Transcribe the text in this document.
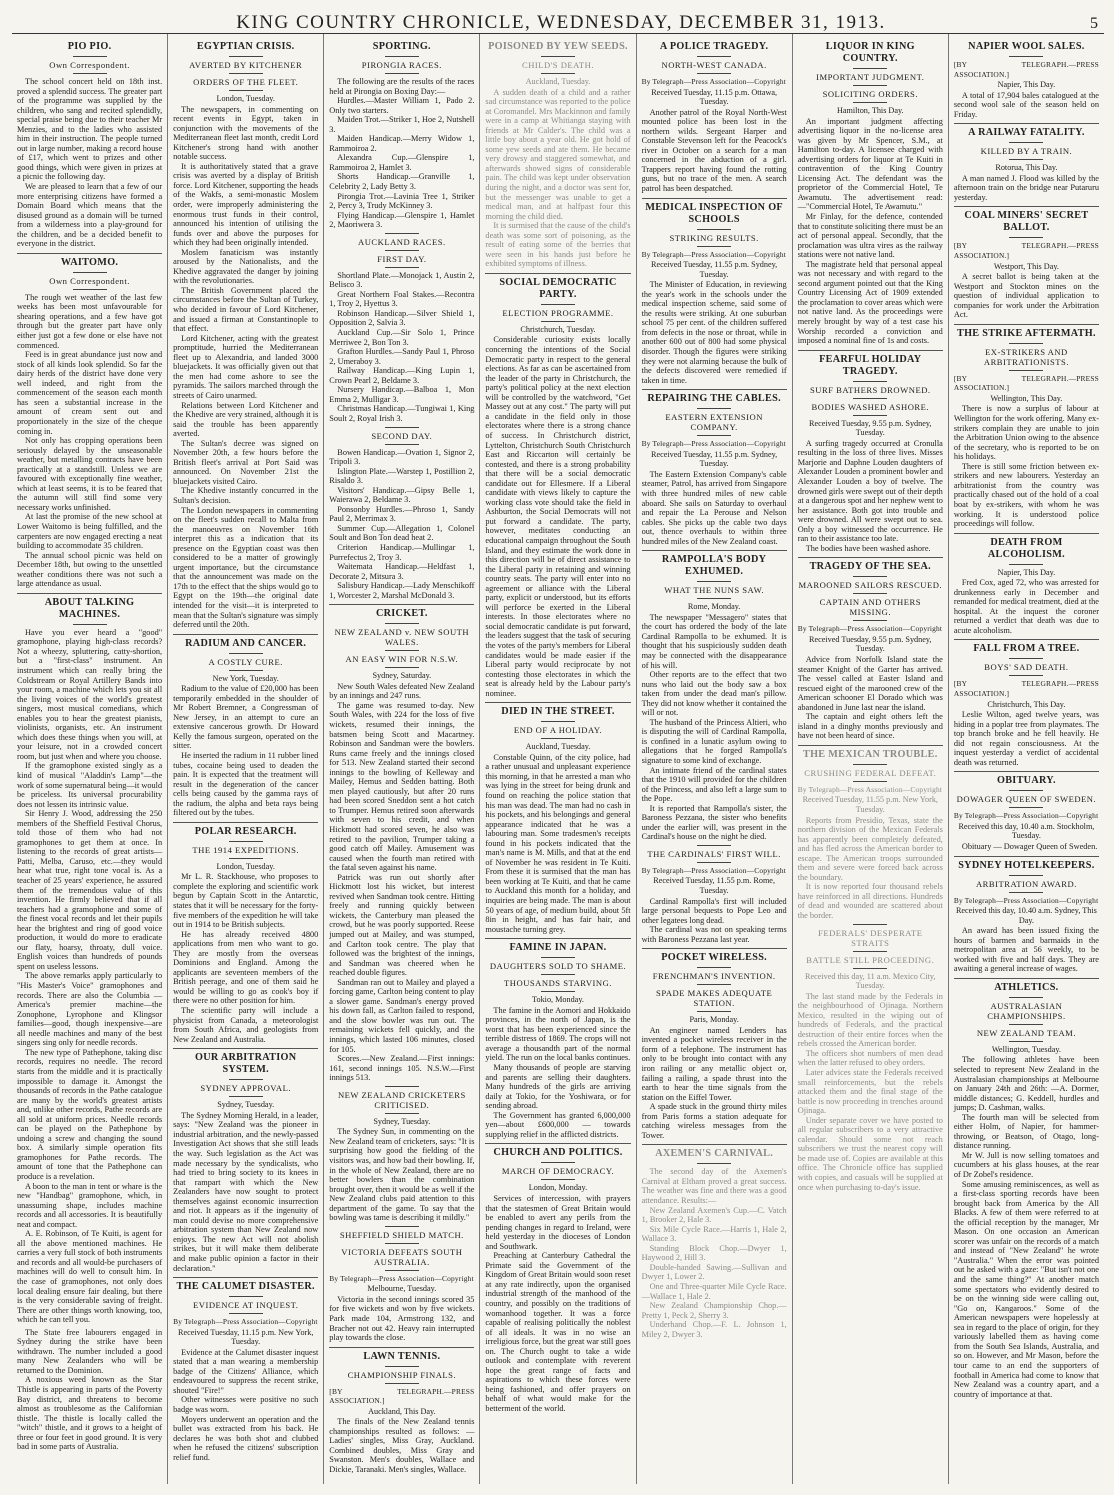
KING COUNTRY CHRONICLE, WEDNESDAY, DECEMBER 31, 1913.	5
PIO PIO.
Own Correspondent.

The school concert held on 18th inst. proved a splendid success. The greater part of the programme was supplied by the children, who sang and recited splendidly, special praise being due to their teacher Mr Menzies, and to the ladies who assisted him in their instruction. The people turned out in large number, making a record house of £17, which went to prizes and other good things, which were given in prizes at a picnic the following day.

We are pleased to learn that a few of our more enterprising citizens have formed a Domain Board which means that the disused ground as a domain will be turned from a wilderness into a play-ground for the children, and be a decided benefit to everyone in the district.

WAITOMO.
Own Correspondent.

The rough wet weather of the last few weeks has been most unfavourable for shearing operations, and a few have got through but the greater part have only either just got a few done or else have not commenced.

Feed is in great abundance just now and stock of all kinds look splendid. So far the dairy herds of the district have done very well indeed, and right from the commencement of the season each month has seen a substantial increase in the amount of cream sent out and proportionately in the size of the cheque coming in.

Not only has cropping operations been seriously delayed by the unseasonable weather, but metalling contracts have been practically at a standstill. Unless we are favoured with exceptionally fine weather, which at least seems, it is to be feared that the autumn will still find some very necessary works unfinished.

At last the promise of the new school at Lower Waitomo is being fulfilled, and the carpenters are now engaged erecting a neat building to accommodate 35 children.

The annual school picnic was held on December 18th, but owing to the unsettled weather conditions there was not such a large attendance as usual.

ABOUT TALKING MACHINES.

Have you ever heard a "good" gramophone, playing high-class records? Not a wheezy, spluttering, catty-shortion, but a "first-class" instrument. An instrument which can really bring the Coldstream or Royal Artillery Bands into your room, a machine which lets you sit all the living voices of the world's greatest singers, most musical comedians, which enables you to hear the greatest pianists, violinists, organists, etc. An instrument which does these things when you will, at your leisure, not in a crowded concert room, but just when and where you choose.

If the gramophone existed singly as a kind of musical "Aladdin's Lamp"—the work of some supernatural being—it would be priceless. Its universal procurability does not lessen its intrinsic value.

Sir Henry J. Wood, addressing the 250 members of the Sheffield Festival Chorus, told those of them who had not gramophones to get them at once. In listening to the records of great artists—Patti, Melba, Caruso, etc.—they would hear what true, right tone vocal is. As a teacher of 25 years' experience, he assured them of the tremendous value of this invention. He firmly believed that if all teachers had a gramophone and some of the finest vocal records and let their pupils hear the brightest and ring of good voice production, it would do more to eradicate our flaty, hoarsy, throaty, dull voice. English voices than hundreds of pounds spent on useless lessons.

The above remarks apply particularly to "His Master's Voice" gramophones and records. There are also the Columbia — America's premier machine—the Zonophone, Lyrophone and Klingsor families—good, though inexpensive—are all needle machines and many of the best singers sing only for needle records.

The new type of Pathephone, taking disc records, requires no needle. The record starts from the middle and it is practically impossible to damage it. Amongst the thousands of records in the Pathe catalogue are many by the world's greatest artists and, unlike other records, Pathe records are all sold at uniform prices. Needle records can be played on the Pathephone by undoing a screw and changing the sound box. A similarly simple operation fits gramophones for Pathe records. The amount of tone that the Pathephone can produce is a revelation.

A boon to the man in tent or whare is the new "Handbag" gramophone, which, in unassuming shape, includes machine records and all accessories. It is beautifully neat and compact.

A. E. Robinson, of Te Kuiti, is agent for all the above mentioned machines. He carries a very full stock of both instruments and records and all would-be purchasers of machines will do well to consult him. In the case of gramophones, not only does local dealing ensure fair dealing, but there is the very considerable saving of freight. There are other things worth knowing, too, which he can tell you.

The State free labourers engaged in Sydney during the strike have been withdrawn. The number included a good many New Zealanders who will be returned to the Dominion.

A noxious weed known as the Star Thistle is appearing in parts of the Poverty Bay district, and threatens to become almost as troublesome as the Californian thistle. The thistle is locally called the "witch" thistle, and it grows to a height of three or four feet in good ground. It is very bad in some parts of Australia.

EGYPTIAN CRISIS.
AVERTED BY KITCHENER
ORDERS OF THE FLEET.
London, Tuesday.

The newspapers, in commenting on recent events in Egypt, taken in conjunction with the movements of the Mediterranean fleet last month, credit Lord Kitchener's strong hand with another notable success.

It is authoritatively stated that a grave crisis was averted by a display of British force. Lord Kitchener, supporting the heads of the Wakfs, a semi-monastic Moslem order, were improperly administering the enormous trust funds in their control, announced his intention of utilising the funds over and above the purposes for which they had been originally intended.

Moslem fanaticism was instantly aroused by the Nationalists, and the Khedive aggravated the danger by joining with the revolutionaries.

The British Government placed the circumstances before the Sultan of Turkey, who decided in favour of Lord Kitchener, and issued a firman at Constantinople to that effect.

Lord Kitchener, acting with the greatest promptitude, hurried the Mediterranean fleet up to Alexandria, and landed 3000 bluejackets. It was officially given out that the men had come ashore to see the pyramids. The sailors marched through the streets of Cairo unarmed.

Relations between Lord Kitchener and the Khedive are very strained, although it is said the trouble has been apparently averted.

The Sultan's decree was signed on November 20th, a few hours before the British fleet's arrival at Port Said was announced. On November 21st the bluejackets visited Cairo.

The Khedive instantly concurred in the Sultan's decision.

The London newspapers in commenting on the fleet's sudden recall to Malta from the manoeuvres on November 16th interpret this as a indication that its presence on the Egyptian coast was then considered to be a matter of growingly urgent importance, but the circumstance that the announcement was made on the 17th to the effect that the ships would go to Egypt on the 19th—the original date intended for the visit—it is interpreted to mean that the Sultan's signature was simply deferred until the 20th.

RADIUM AND CANCER.
A COSTLY CURE.
New York, Tuesday.

Radium to the value of £20,000 has been temporarily embedded in the shoulder of Mr Robert Bremner, a Congressman of New Jersey, in an attempt to cure an extensive cancerous growth. Dr Howard Kelly the famous surgeon, operated on the sitter.

He inserted the radium in 11 rubber lined tubes, cocaine being used to deaden the pain. It is expected that the treatment will result in the degeneration of the cancer cells being caused by the gamma rays of the radium, the alpha and beta rays being filtered out by the tubes.

POLAR RESEARCH.
THE 1914 EXPEDITIONS.
London, Tuesday.

Mr L. R. Stackhouse, who proposes to complete the exploring and scientific work begun by Captain Scott in the Antarctic, states that it will be necessary for the forty-five members of the expedition he will take out in 1914 to be British subjects.

He has already received 4800 applications from men who want to go. They are mostly from the overseas Dominions and England. Among the applicants are seventeen members of the British peerage, and one of them said he would be willing to go as cook's boy if there were no other position for him.

The scientific party will include a physicist from Canada, a meteorologist from South Africa, and geologists from New Zealand and Australia.

OUR ARBITRATION SYSTEM.
SYDNEY APPROVAL.
Sydney, Tuesday.

The Sydney Morning Herald, in a leader, says: "New Zealand was the pioneer in industrial arbitration, and the newly-passed Investigation Act shows that she still leads the way. Such legislation as the Act was made necessary by the syndicalists, who had tried to bring society to its knees in that rampart with which the New Zealanders have now sought to protect themselves against economic insurrection and riot. It appears as if the ingenuity of man could devise no more comprehensive arbitration system than New Zealand now enjoys. The new Act will not abolish strikes, but it will make them deliberate and make public opinion a factor in their declaration."

THE CALUMET DISASTER.
EVIDENCE AT INQUEST.
By Telegraph—Press Association—Copyright
Received Tuesday, 11.15 p.m. New York, Tuesday.

Evidence at the Calumet disaster inquest stated that a man wearing a membership badge of the Citizens' Alliance, which endeavoured to suppress the recent strike, shouted "Fire!"

Other witnesses were positive no such badge was worn.

Moyers underwent an operation and the bullet was extracted from his back. He declares he was both shot and clubbed when he refused the citizens' subscription relief fund.

SPORTING.
PIRONGIA RACES.

The following are the results of the races held at Pirongia on Boxing Day:—

Hurdles.—Master William 1, Pado 2. Only two starters.

Maiden Trot.—Striker 1, Hoe 2, Nutshell 3.

Maiden Handicap.—Merry Widow 1, Rammoiroa 2.

Alexandra Cup.—Glenspire 1, Rammoiroa 2, Hamlet 3.

Shorts Handicap.—Granville 1, Celebrity 2, Lady Betty 3.

Pirongia Trot.—Lavinia Tree 1, Striker 2, Percy 3, Trudy McKinney 3.

Flying Handicap.—Glenspire 1, Hamlet 2, Maoriwera 3.

AUCKLAND RACES.
FIRST DAY.

Shortland Plate.—Monojack 1, Austin 2, Belisco 3.

Great Northern Foal Stakes.—Recontra 1, Troy 2, Hyettus 3.

Robinson Handicap.—Silver Shield 1, Opposition 2, Salvia 3.

Auckland Cup.—Sir Solo 1, Prince Merriwee 2, Bon Ton 3.

Grafton Hurdles.—Sandy Paul 1, Phroso 2, Umeraboy 3.

Railway Handicap.—King Lupin 1, Crown Pearl 2, Beldame 3.

Nursery Handicap.—Balboa 1, Mon Emma 2, Mulligar 3.

Christmas Handicap.—Tungiwai 1, King Soult 2, Royal Irish 3.

SECOND DAY.

Bowen Handicap.—Ovation 1, Signor 2, Tripoli 3.

Islington Plate.—Warstep 1, Postillion 2, Risaldo 3.

Visitors' Handicap.—Gipsy Belle 1, Waierawa 2, Beldame 3.

Ponsonby Hurdles.—Phroso 1, Sandy Paul 2, Merrimax 3.

Summer Cup.—Allegation 1, Colonel Soult and Bon Ton dead heat 2.

Criterion Handicap.—Mullingar 1, Purrefectus 2, Troy 3.

Waitemata Handicap.—Heldfast 1, Decorate 2, Mitsura 3.

Salisbury Handicap.—Lady Menschikoff 1, Worcester 2, Marshal McDonald 3.

CRICKET.
NEW ZEALAND v. NEW SOUTH WALES.
AN EASY WIN FOR N.S.W.
Sydney, Saturday.

New South Wales defeated New Zealand by an innings and 247 runs.

The game was resumed to-day. New South Wales, with 224 for the loss of five wickets, resumed their innings, the batsmen being Scott and Macartney. Robinson and Sandman were the bowlers. Runs came freely and the innings closed for 513. New Zealand started their second innings to the bowling of Kelleway and Mailey, Hemus and Sedden batting. Both men played cautiously, but after 20 runs had been scored Sneddon sent a hot catch to Trumper. Hemus retired soon afterwards with seven to his credit, and when Hickmott had scored seven, he also was retired to the pavilion, Trumper taking a good catch off Mailey. Amusement was caused when the fourth man retired with the fatal seven against his name.

Patrick was run out shortly after Hickmott lost his wicket, but interest revived when Sandman took centre. Hitting freely and running quickly between wickets, the Canterbury man pleased the crowd, but he was poorly supported. Reese jumped out at Mailey, and was stumped, and Carlton took centre. The play that followed was the brightest of the innings, and Sandman was cheered when he reached double figures.

Sandman ran out to Mailey and played a forcing game, Carlton being content to play a slower game. Sandman's energy proved his down fall, as Carlton failed to respond, and the slow bowler was run out. The remaining wickets fell quickly, and the innings, which lasted 106 minutes, closed for 105.

Scores.—New Zealand.—First innings: 161, second innings 105. N.S.W.—First innings 513.

NEW ZEALAND CRICKETERS CRITICISED.
Sydney, Tuesday.

The Sydney Sun, in commenting on the New Zealand team of cricketers, says: "It is surprising how good the fielding of the visitors was, and how bad their bowling. If, in the whole of New Zealand, there are no better bowlers than the combination brought over, then it would be as well if the New Zealand clubs paid attention to this department of the game. To say that the bowling was tame is describing it mildly."

SHEFFIELD SHIELD MATCH.
VICTORIA DEFEATS SOUTH AUSTRALIA.
By Telegraph—Press Association—Copyright
Melbourne, Tuesday.

Victoria in the second innings scored 35 for five wickets and won by five wickets. Park made 104, Armstrong 132, and Bracher not out 42. Heavy rain interrupted play towards the close.

LAWN TENNIS.
CHAMPIONSHIP FINALS.
[BY TELEGRAPH.—PRESS ASSOCIATION.]
Auckland, This Day.

The finals of the New Zealand tennis championships resulted as follows: —Ladies' singles, Miss Gray, Auckland. Combined doubles, Miss Gray and Swanston. Men's doubles, Wallace and Dickie, Taranaki. Men's singles, Wallace.

POISONED BY YEW SEEDS.
CHILD'S DEATH.
Auckland, Tuesday.

A sudden death of a child and a rather sad circumstance was reported to the police at Coromandel. Mrs Mackinnon and family were in a camp at Whitianga staying with friends at Mr Calder's. The child was a little boy about a year old. He got hold of some yew seeds and ate them. He became very drowsy and staggered somewhat, and afterwards showed signs of considerable pain. The child was kept under observation during the night, and a doctor was sent for, but the messenger was unable to get a medical man, and at halfpast four this morning the child died.

It is surmised that the cause of the child's death was some sort of poisoning, as the result of eating some of the berries that were seen in his hands just before he exhibited symptoms of illness.

SOCIAL DEMOCRATIC PARTY.
ELECTION PROGRAMME.
Christchurch, Tuesday.

Considerable curiosity exists locally concerning the intentions of the Social Democratic party in respect to the general elections. As far as can be ascertained from the leader of the party in Christchurch, the party's political policy at the next election will be controlled by the watchword, "Get Massey out at any cost." The party will put a candidate in the field only in those electorates where there is a strong chance of success. In Christchurch district, Lyttelton, Christchurch South Christchurch East and Riccarton will certainly be contested, and there is a strong probability that there will be a social democratic candidate out for Ellesmere. If a Liberal candidate with views likely to capture the working class vote should take the field in Ashburton, the Social Democrats will not put forward a candidate. The party, however, meditates conducting an educational campaign throughout the South Island, and they estimate the work done in this direction will be of direct assistance to the Liberal party in retaining and winning country seats. The party will enter into no agreement or alliance with the Liberal party, explicit or understood, but its efforts will perforce be exerted in the Liberal interests. In those electorates where no social democratic candidate is put forward, the leaders suggest that the task of securing the votes of the party's members for Liberal candidates would be made easier if the Liberal party would reciprocate by not contesting those electorates in which the seat is already held by the Labour party's nominee.

DIED IN THE STREET.
END OF A HOLIDAY.
Auckland, Tuesday.

Constable Quinn, of the city police, had a rather unusual and unpleasant experience this morning, in that he arrested a man who was lying in the street for being drunk and found on reaching the police station that his man was dead. The man had no cash in his pockets, and his belongings and general appearance indicated that he was a labouring man. Some tradesmen's receipts found in his pockets indicated that the man's name is M. Mills, and that at the end of November he was resident in Te Kuiti. From these it is surmised that the man has been working at Te Kuiti, and that he came to Auckland this month for a holiday, and inquiries are being made. The man is about 50 years of age, of medium build, about 5ft 8in in height, and has fair hair, and moustache turning grey.

FAMINE IN JAPAN.
DAUGHTERS SOLD TO SHAME.
THOUSANDS STARVING.
Tokio, Monday.

The famine in the Aomori and Hokkaido provinces, in the north of Japan, is the worst that has been experienced since the terrible distress of 1869. The crops will not average a thousandth part of the normal yield. The run on the local banks continues.

Many thousands of people are starving and parents are selling their daughters. Many hundreds of the girls are arriving daily at Tokio, for the Yoshiwara, or for sending abroad.

The Government has granted 6,000,000 yen—about £600,000 — towards supplying relief in the afflicted districts.

CHURCH AND POLITICS.
MARCH OF DEMOCRACY.
London, Monday.

Services of intercession, with prayers that the statesmen of Great Britain would be enabled to avert any perils from the pending changes in regard to Ireland, were held yesterday in the dioceses of London and Southwark.

Preaching at Canterbury Cathedral the Primate said the Government of the Kingdom of Great Britain would soon reset at any rate indirectly, upon the organised industrial strength of the manhood of the country, and possibly on the traditions of womanhood together. It was a force capable of realising politically the noblest of all ideals. It was in no wise an irreligious force, but the great war still goes on. The Church ought to take a wide outlook and contemplate with reverent hope the great range of facts and aspirations to which these forces were being fashioned, and offer prayers on behalf of what would make for the betterment of the world.

A POLICE TRAGEDY.
NORTH-WEST CANADA.
By Telegraph—Press Association—Copyright
Received Tuesday, 11.15 p.m. Ottawa, Tuesday.

Another patrol of the Royal North-West mounted police has been lost in the northern wilds. Sergeant Harper and Constable Stevenson left for the Peacock's river in October on a search for a man concerned in the abduction of a girl. Trappers report having found the rotting guns, but no trace of the men. A search patrol has been despatched.

MEDICAL INSPECTION OF SCHOOLS
STRIKING RESULTS.
By Telegraph—Press Association—Copyright
Received Tuesday, 11.55 p.m. Sydney, Tuesday.

The Minister of Education, in reviewing the year's work in the schools under the medical inspection scheme, said some of the results were striking. At one suburban school 75 per cent. of the children suffered from defects in the nose or throat, while in another 600 out of 800 had some physical disorder. Though the figures were striking they were not alarming because the bulk of the defects discovered were remedied if taken in time.

REPAIRING THE CABLES.
EASTERN EXTENSION COMPANY.
By Telegraph—Press Association—Copyright
Received Tuesday, 11.55 p.m. Sydney, Tuesday.

The Eastern Extension Company's cable steamer, Patrol, has arrived from Singapore with three hundred miles of new cable aboard. She sails on Saturday to overhaul and repair the La Perouse and Nelson cables. She picks up the cable two days out, thence overhauls to within three hundred miles of the New Zealand coast.

RAMPOLLA'S BODY EXHUMED.
WHAT THE NUNS SAW.
Rome, Monday.

The newspaper "Messagero" states that the court has ordered the body of the late Cardinal Rampolla to be exhumed. It is thought that his suspiciously sudden death may be connected with the disappearance of his will.

Other reports are to the effect that two nuns who laid out the body saw a box taken from under the dead man's pillow. They did not know whether it contained the will or not.

The husband of the Princess Altieri, who is disputing the will of Cardinal Rampolla, is confined in a lunatic asylum owing to allegations that he forged Rampolla's signature to some kind of exchange.

An intimate friend of the cardinal states that the 1910 will provided for the children of the Princess, and also left a large sum to the Pope.

It is reported that Rampolla's sister, the Baroness Pezzana, the sister who benefits under the earlier will, was present in the Cardinal's house on the night he died.

THE CARDINALS' FIRST WILL.
By Telegraph—Press Association—Copyright
Received Tuesday, 11.55 p.m. Rome, Tuesday.

Cardinal Rampolla's first will included large personal bequests to Pope Leo and other legatees long dead.

The cardinal was not on speaking terms with Baroness Pezzana last year.

POCKET WIRELESS.
FRENCHMAN'S INVENTION.
SPADE MAKES ADEQUATE STATION.
Paris, Monday.

An engineer named Lenders has invented a pocket wireless receiver in the form of a telephone. The instrument has only to be brought into contact with any iron railing or any metallic object or, failing a railing, a spade thrust into the earth to hear the time signals from the station on the Eiffel Tower.

A spade stuck in the ground thirty miles from Paris forms a station adequate for catching wireless messages from the Tower.

AXEMEN'S CARNIVAL.

The second day of the Axemen's Carnival at Eltham proved a great success. The weather was fine and there was a good attendance. Results:—

New Zealand Axemen's Cup.—C. Vatch 1, Brooker 2, Hale 3.

Six Mile Cycle Race.—Harris 1, Hale 2, Wallace 3.

Standing Block Chop.—Dwyer 1, Haywood 2, Hill 3.

Double-handed Sawing.—Sullivan and Dwyer 1, Lower 2.

One and Three-quarter Mile Cycle Race.—Wallace 1, Hale 2.

New Zealand Championship Chop.—Pretty 1, Peck 2, Sherry 3.

Underhand Chop.—F. L. Johnson 1, Miley 2, Dwyer 3.

LIQUOR IN KING COUNTRY.
IMPORTANT JUDGMENT.
SOLICITING ORDERS.
Hamilton, This Day.

An important judgment affecting advertising liquor in the no-license area was given by Mr Spencer, S.M., at Hamilton to-day. A licensee charged with advertising orders for liquor at Te Kuiti in contravention of the King Country Licensing Act. The defendant was the proprietor of the Commercial Hotel, Te Awamutu. The advertisement read:—"Commercial Hotel, Te Awamutu."

Mr Finlay, for the defence, contended that to constitute soliciting there must be an act of personal appeal. Secondly, that the proclamation was ultra vires as the railway stations were not native land.

The magistrate held that personal appeal was not necessary and with regard to the second argument pointed out that the King Country Licensing Act of 1909 extended the proclamation to cover areas which were not native land. As the proceedings were merely brought by way of a test case his Worship recorded a conviction and imposed a nominal fine of 1s and costs.

FEARFUL HOLIDAY TRAGEDY.
SURF BATHERS DROWNED.
BODIES WASHED ASHORE.
Received Tuesday, 9.55 p.m. Sydney, Tuesday.

A surfing tragedy occurred at Cronulla resulting in the loss of three lives. Misses Marjorie and Daphne Louden daughters of Alexander Louden a prominent bowler and Alexander Louden a boy of twelve. The drowned girls were swept out of their depth at a dangerous spot and her nephew went to her assistance. Both got into trouble and were drowned. All were swept out to sea. Only a boy witnessed the occurrence. He ran to their assistance too late.

The bodies have been washed ashore.

TRAGEDY OF THE SEA.
MAROONED SAILORS RESCUED.
CAPTAIN AND OTHERS MISSING.
By Telegraph—Press Association—Copyright
Received Tuesday, 9.55 p.m. Sydney, Tuesday.

Advice from Norfolk Island state the steamer Knight of the Garter has arrived. The vessel called at Easter Island and rescued eight of the marooned crew of the American schooner El Dorado which was abandoned in June last near the island.

The captain and eight others left the island in a dinghy months previously and have not been heard of since.

THE MEXICAN TROUBLE.
CRUSHING FEDERAL DEFEAT.
By Telegraph—Press Association—Copyright
Received Tuesday, 11.55 p.m. New York, Tuesday.

Reports from Presidio, Texas, state the northern division of the Mexican Federals has apparently been completely defeated, and has fled across the American border to escape. The American troops surrounded them and severe were forced back across the boundary.

It is now reported four thousand rebels have reinforced in all directions. Hundreds of dead and wounded are scattered about the border.

FEDERALS' DESPERATE STRAITS
BATTLE STILL PROCEEDING.
Received this day, 11 a.m. Mexico City, Tuesday.

The last stand made by the Federals in the neighbourhood of Ojinaga. Northern Mexico, resulted in the wiping out of hundreds of Federals, and the practical destruction of their entire forces when the rebels crossed the American border.

The officers shot numbers of men dead when the latter refused to obey orders.

Later advices state the Federals received small reinforcements, but the rebels attacked them and the final stage of the battle is now proceeding in trenches around Ojinaga.

Under separate cover we have posted to all regular subscribers to a very attractive calendar. Should some not reach subscribers we trust the nearest copy will be made use of. Copies are available at this office. The Chronicle office has supplied with copies, and casuals will be supplied at once when purchasing to-day's issue.

NAPIER WOOL SALES.
[BY TELEGRAPH.—PRESS ASSOCIATION.]
Napier, This Day.

A total of 17,904 bales catalogued at the second wool sale of the season held on Friday.

A RAILWAY FATALITY.
KILLED BY A TRAIN.
Rotorua, This Day.

A man named J. Flood was killed by the afternoon train on the bridge near Putaruru yesterday.

COAL MINERS' SECRET BALLOT.
[BY TELEGRAPH.—PRESS ASSOCIATION.]
Westport, This Day.

A secret ballot is being taken at the Westport and Stockton mines on the question of individual application to companies for work under the Arbitration Act.

THE STRIKE AFTERMATH.
EX-STRIKERS AND ARBITRATIONISTS.
[BY TELEGRAPH.—PRESS ASSOCIATION.]
Wellington, This Day.

There is now a surplus of labour at Wellington for the work offering. Many ex-strikers complain they are unable to join the Arbitration Union owing to the absence of the secretary, who is reported to be on his holidays.

There is still some friction between ex-strikers and new labourers. Yesterday an arbitrationist from the country was practically chased out of the hold of a coal boat by ex-strikers, with whom he was working. It is understood police proceedings will follow.

DEATH FROM ALCOHOLISM.
Napier, This Day.

Fred Cox, aged 72, who was arrested for drunkenness early in December and remanded for medical treatment, died at the hospital. At the inquest the coroner returned a verdict that death was due to acute alcoholism.

FALL FROM A TREE.
BOYS' SAD DEATH.
[BY TELEGRAPH.—PRESS ASSOCIATION.]
Christchurch, This Day.

Leslie Wilton, aged twelve years, was hiding in a poplar tree from playmates. The top branch broke and he fell heavily. He did not regain consciousness. At the inquest yesterday a verdict of accidental death was returned.

OBITUARY.
DOWAGER QUEEN OF SWEDEN.
By Telegraph—Press Association—Copyright
Received this day, 10.40 a.m. Stockholm, Tuesday.

Obituary — Dowager Queen of Sweden.

SYDNEY HOTELKEEPERS.
ARBITRATION AWARD.
By Telegraph—Press Association—Copyright
Received this day, 10.40 a.m. Sydney, This Day.

An award has been issued fixing the hours of barmen and barmaids in the metropolitan area at 56 weekly, to be worked with five and half days. They are awaiting a general increase of wages.

ATHLETICS.
AUSTRALASIAN CHAMPIONSHIPS.
NEW ZEALAND TEAM.
Wellington, Tuesday.

The following athletes have been selected to represent New Zealand in the Australasian championships at Melbourne on January 24th and 26th: —A. Dormer, middle distances; G. Keddell, hurdles and jumps; D. Cashman, walks.

The fourth man will be selected from either Holm, of Napier, for hammer-throwing, or Beatson, of Otago, long-distance running.

Mr W. Jull is now selling tomatoes and cucumbers at his glass houses, at the rear of Dr Zobel's residence.

Some amusing reminiscences, as well as a first-class sporting records have been brought back from America by the All Blacks. A few of them were referred to at the official reception by the manager, Mr Mason. On one occasion an American scorer was unfair on the records of a match and instead of "New Zealand" he wrote "Australia." When the error was pointed out he asked with a gaze: "But isn't not one and the same thing?" At another match some spectators who evidently desired to be on the winning side were calling out, "Go on, Kangaroos." Some of the American newspapers were hopelessly at sea in regard to the place of origin, for they variously labelled them as having come from the South Sea Islands, Australia, and so on. However, and Mr Mason, before the tour came to an end the supporters of football in America had come to know that New Zealand was a country apart, and a country of importance at that.
